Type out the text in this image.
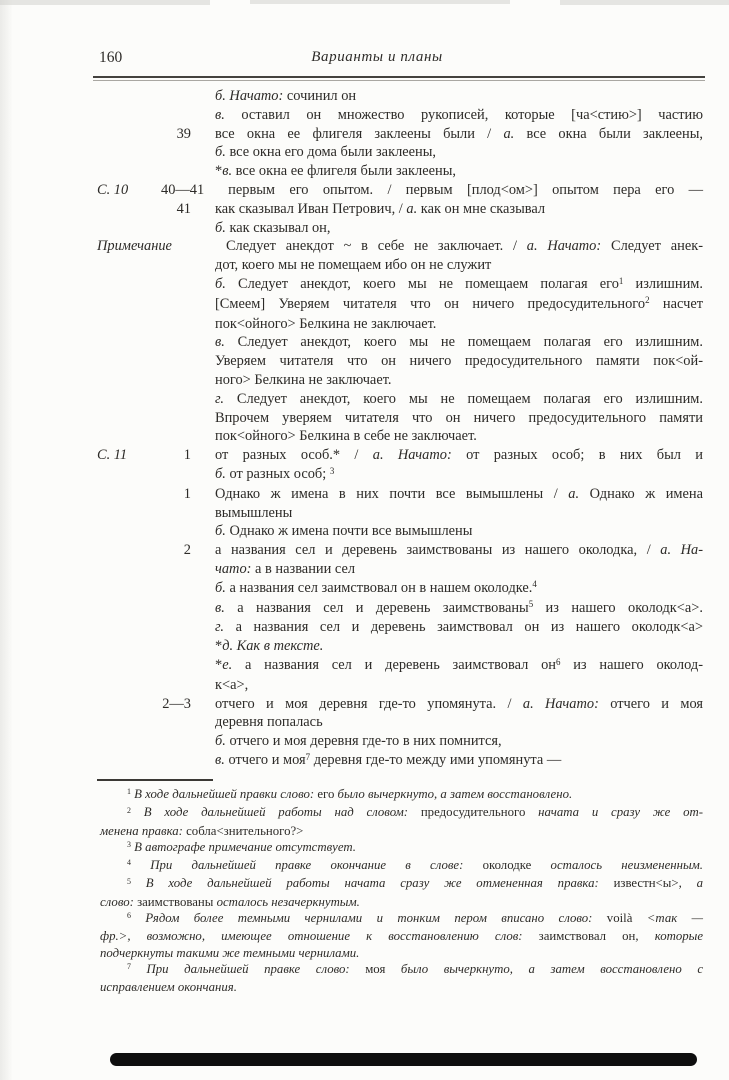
160	Варианты и планы
б. Начато: сочинил он
в. оставил он множество рукописей, которые [ча<стию>] частию
39 все окна ее флигеля заклеены были / а. все окна были заклеены,
б. все окна его дома были заклеены,
*в. все окна ее флигеля были заклеены,
С. 10	40—41 первым его опытом. / первым [плод<ом>] опытом пера его —
41 как сказывал Иван Петрович, / а. как он мне сказывал
б. как сказывал он,
Примечание	Следует анекдот ~ в себе не заключает. / а. Начато: Следует анек-
дот, коего мы не помещаем ибо он не служит
б. Следует анекдот, коего мы не помещаем полагая его$^1$ излишним.
[Смеем] Уверяем читателя что он ничего предосудительного$^2$ насчет
пок<ойного> Белкина не заключает.
в. Следует анекдот, коего мы не помещаем полагая его излишним.
Уверяем читателя что он ничего предосудительного памяти пок<ой-
ного> Белкина не заключает.
г. Следует анекдот, коего мы не помещаем полагая его излишним.
Впрочем уверяем читателя что он ничего предосудительного памяти
пок<ойного> Белкина в себе не заключает.
С. 11	1 от разных особ.* / а. Начато: от разных особ; в них был и
б. от разных особ; $^3$
1 Однако ж имена в них почти все вымышлены / а. Однако ж имена
вымышлены
б. Однако ж имена почти все вымышлены
2 а названия сел и деревень заимствованы из нашего околодка, / а. На-
чато: а в названии сел
б. а названия сел заимствовал он в нашем околодке.$^4$
в. а названия сел и деревень заимствованы$^5$ из нашего околодк<а>.
г. а названия сел и деревень заимствовал он из нашего околодк<а>
*д. Как в тексте.
*е. а названия сел и деревень заимствовал $он^6$ из нашего околод-
к<а>,
2—3 отчего и моя деревня где-то упомянута. / а. Начато: отчего и моя
деревня попалась
б. отчего и моя деревня где-то в них помнится,
в. отчего и моя$^7$ деревня где-то между ими упомянута —
$^1$ В ходе дальнейшей правки слово: его было вычеркнуто, а затем восстановлено.
$^2$ В ходе дальнейшей работы над словом: предосудительного начата и сразу же от-
менена правка: собла<знительного?>
$^3$ В автографе примечание отсутствует.
$^4$ При дальнейшей правке окончание в слове: околодке осталось неизмененным.
$^5$ В ходе дальнейшей работы начата сразу же отмененная правка: известн<ы>, а
слово: заимствованы осталось незачеркнутым.
$^6$ Рядом более темными чернилами и тонким пером вписано слово: voilà <так —
фр.>, возможно, имеющее отношение к восстановлению слов: заимствовал он, которые
подчеркнуты такими же темными чернилами.
$^7$ При дальнейшей правке слово: моя было вычеркнуто, а затем восстановлено с
исправлением окончания.
